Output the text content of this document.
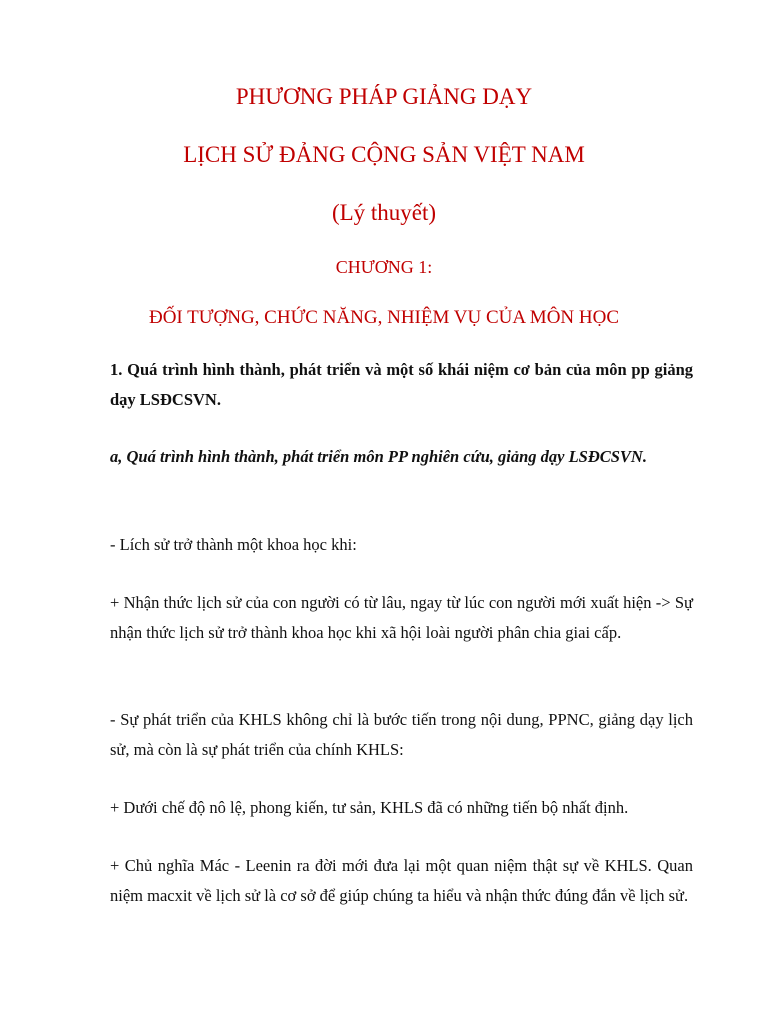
PHƯƠNG PHÁP GIẢNG DẠY
LỊCH SỬ ĐẢNG CỘNG SẢN VIỆT NAM
(Lý thuyết)
CHƯƠNG 1:
ĐỐI TƯỢNG, CHỨC NĂNG, NHIỆM VỤ CỦA MÔN HỌC

1. Quá trình hình thành, phát triển và một số khái niệm cơ bản của môn pp giảng dạy LSĐCSVN.

a, Quá trình hình thành, phát triển môn PP nghiên cứu, giảng dạy LSĐCSVN.

- Lích sử trở thành một khoa học khi:

+ Nhận thức lịch sử của con người có từ lâu, ngay từ lúc con người mới xuất hiện -> Sự nhận thức lịch sử trở thành khoa học khi xã hội loài người phân chia giai cấp.

- Sự phát triển của KHLS không chỉ là bước tiến trong nội dung, PPNC, giảng dạy lịch sử, mà còn là sự phát triển của chính KHLS:

+ Dưới chế độ nô lệ, phong kiến, tư sản, KHLS đã có những tiến bộ nhất định.

+ Chủ nghĩa Mác - Leenin ra đời mới đưa lại một quan niệm thật sự về KHLS. Quan niệm macxit về lịch sử là cơ sở để giúp chúng ta hiểu và nhận thức đúng đắn về lịch sử.
